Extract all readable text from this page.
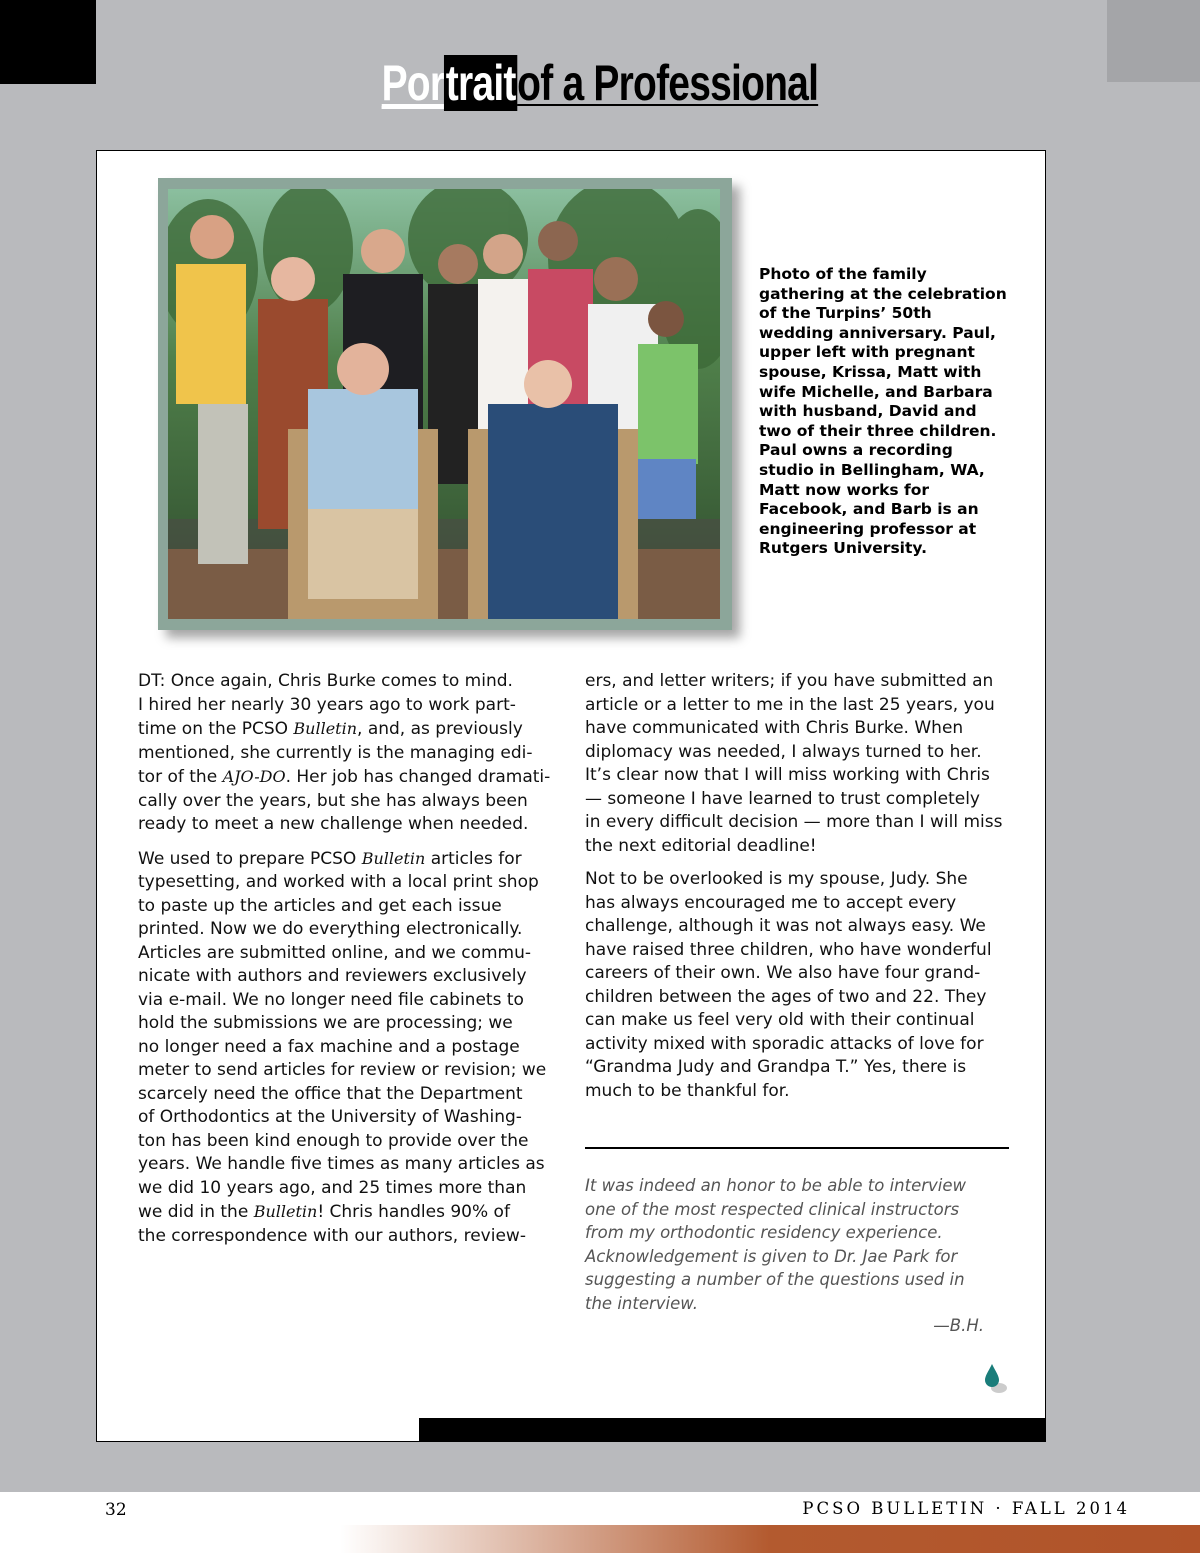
Portraitof a Professional
Photo of the family gathering at the celebration of the Turpins’ 50th wedding anniversary. Paul, upper left with pregnant spouse, Krissa, Matt with wife Michelle, and Barbara with husband, David and two of their three children. Paul owns a recording studio in Bellingham, WA, Matt now works for Facebook, and Barb is an engineering professor at Rutgers University.

DT: Once again, Chris Burke comes to mind.
I hired her nearly 30 years ago to work part-
time on the PCSO Bulletin, and, as previously
mentioned, she currently is the managing edi-
tor of the AJO-DO. Her job has changed dramati-
cally over the years, but she has always been
ready to meet a new challenge when needed.

We used to prepare PCSO Bulletin articles for
typesetting, and worked with a local print shop
to paste up the articles and get each issue
printed. Now we do everything electronically.
Articles are submitted online, and we commu-
nicate with authors and reviewers exclusively
via e-mail. We no longer need file cabinets to
hold the submissions we are processing; we
no longer need a fax machine and a postage
meter to send articles for review or revision; we
scarcely need the office that the Department
of Orthodontics at the University of Washing-
ton has been kind enough to provide over the
years. We handle five times as many articles as
we did 10 years ago, and 25 times more than
we did in the Bulletin! Chris handles 90% of
the correspondence with our authors, review-

ers, and letter writers; if you have submitted an
article or a letter to me in the last 25 years, you
have communicated with Chris Burke. When
diplomacy was needed, I always turned to her.
It’s clear now that I will miss working with Chris
— someone I have learned to trust completely
in every difficult decision — more than I will miss
the next editorial deadline!

Not to be overlooked is my spouse, Judy. She
has always encouraged me to accept every
challenge, although it was not always easy. We
have raised three children, who have wonderful
careers of their own. We also have four grand-
children between the ages of two and 22. They
can make us feel very old with their continual
activity mixed with sporadic attacks of love for
“Grandma Judy and Grandpa T.” Yes, there is
much to be thankful for.

It was indeed an honor to be able to interview
one of the most respected clinical instructors
from my orthodontic residency experience.
Acknowledgement is given to Dr. Jae Park for
suggesting a number of the questions used in
the interview.
—B.H.
32	PCSO BULLETIN · FALL 2014
